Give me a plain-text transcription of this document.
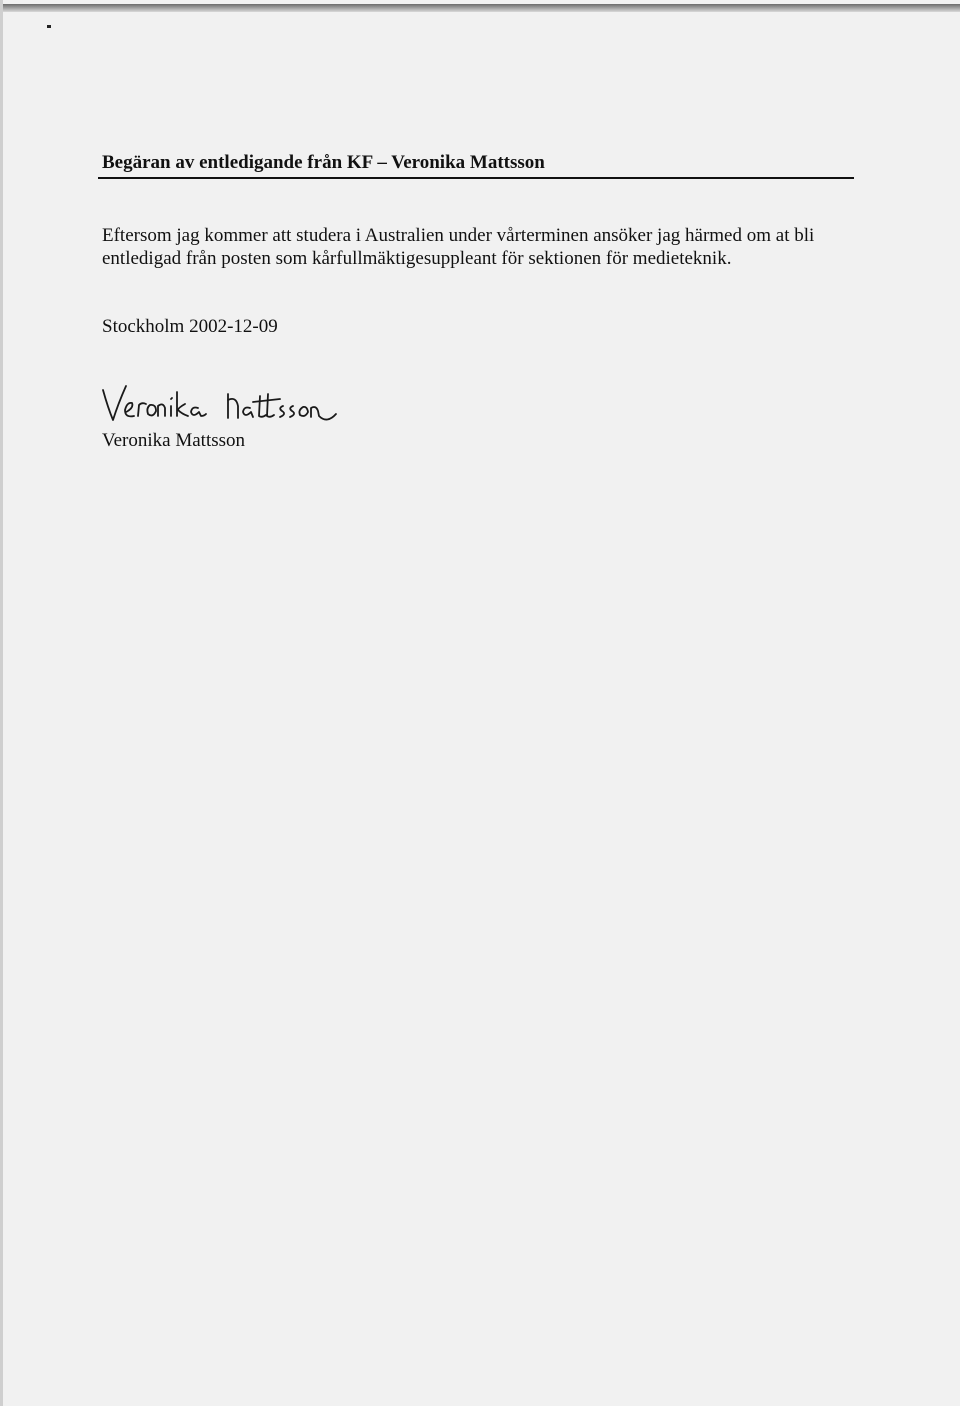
Begäran av entledigande från KF – Veronika Mattsson
Eftersom jag kommer att studera i Australien under vårterminen ansöker jag härmed om at bli
entledigad från posten som kårfullmäktigesuppleant för sektionen för medieteknik.
Stockholm 2002-12-09
Veronika Mattsson
